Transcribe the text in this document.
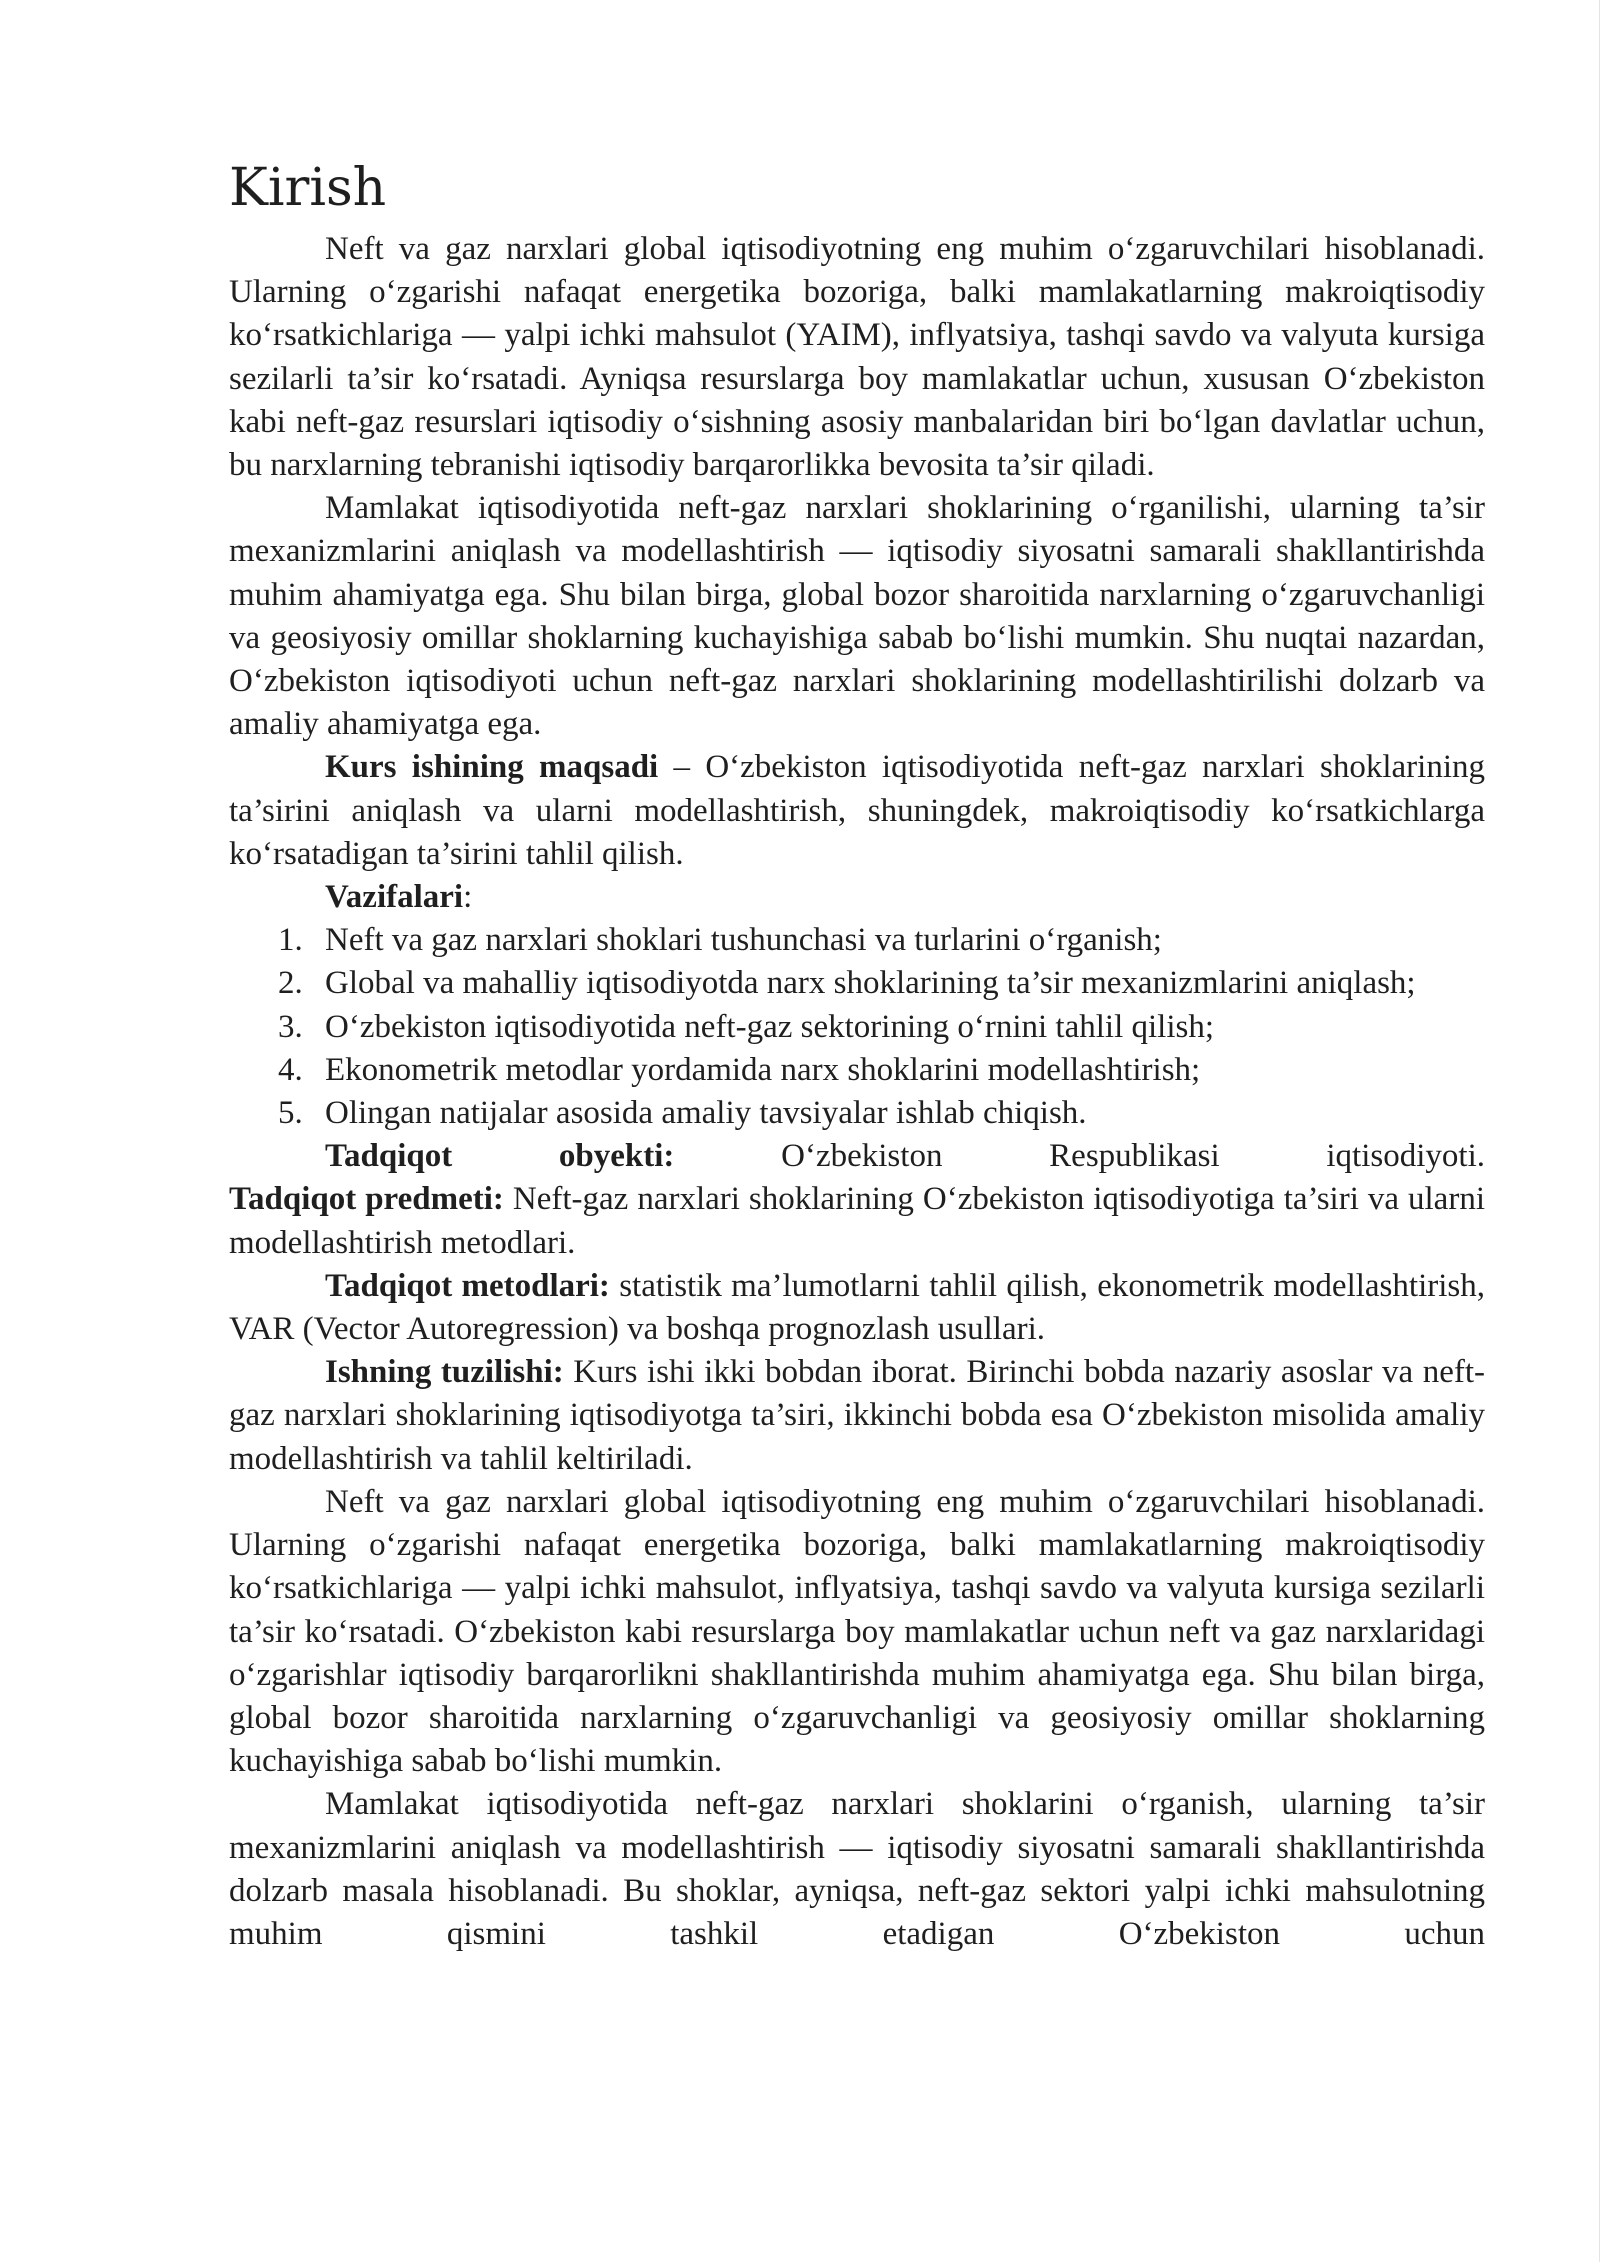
Kirish

Neft va gaz narxlari global iqtisodiyotning eng muhim o‘zgaruvchilari hisoblanadi. Ularning o‘zgarishi nafaqat energetika bozoriga, balki mamlakatlarning makroiqtisodiy ko‘rsatkichlariga — yalpi ichki mahsulot (YAIM), inflyatsiya, tashqi savdo va valyuta kursiga sezilarli ta’sir ko‘rsatadi. Ayniqsa resurslarga boy mamlakatlar uchun, xususan O‘zbekiston kabi neft-gaz resurslari iqtisodiy o‘sishning asosiy manbalaridan biri bo‘lgan davlatlar uchun, bu narxlarning tebranishi iqtisodiy barqarorlikka bevosita ta’sir qiladi.

Mamlakat iqtisodiyotida neft-gaz narxlari shoklarining o‘rganilishi, ularning ta’sir mexanizmlarini aniqlash va modellashtirish — iqtisodiy siyosatni samarali shakllantirishda muhim ahamiyatga ega. Shu bilan birga, global bozor sharoitida narxlarning o‘zgaruvchanligi va geosiyosiy omillar shoklarning kuchayishiga sabab bo‘lishi mumkin. Shu nuqtai nazardan, O‘zbekiston iqtisodiyoti uchun neft-gaz narxlari shoklarining modellashtirilishi dolzarb va amaliy ahamiyatga ega.

Kurs ishining maqsadi – O‘zbekiston iqtisodiyotida neft-gaz narxlari shoklarining ta’sirini aniqlash va ularni modellashtirish, shuningdek, makroiqtisodiy ko‘rsatkichlarga ko‘rsatadigan ta’sirini tahlil qilish.

Vazifalari:

1. Neft va gaz narxlari shoklari tushunchasi va turlarini o‘rganish;
2. Global va mahalliy iqtisodiyotda narx shoklarining ta’sir mexanizmlarini aniqlash;
3. O‘zbekiston iqtisodiyotida neft-gaz sektorining o‘rnini tahlil qilish;
4. Ekonometrik metodlar yordamida narx shoklarini modellashtirish;
5. Olingan natijalar asosida amaliy tavsiyalar ishlab chiqish.

Tadqiqot obyekti: O‘zbekiston Respublikasi iqtisodiyoti.

Tadqiqot predmeti: Neft-gaz narxlari shoklarining O‘zbekiston iqtisodiyotiga ta’siri va ularni modellashtirish metodlari.

Tadqiqot metodlari: statistik ma’lumotlarni tahlil qilish, ekonometrik modellashtirish, VAR (Vector Autoregression) va boshqa prognozlash usullari.

Ishning tuzilishi: Kurs ishi ikki bobdan iborat. Birinchi bobda nazariy asoslar va neft-gaz narxlari shoklarining iqtisodiyotga ta’siri, ikkinchi bobda esa O‘zbekiston misolida amaliy modellashtirish va tahlil keltiriladi.

Neft va gaz narxlari global iqtisodiyotning eng muhim o‘zgaruvchilari hisoblanadi. Ularning o‘zgarishi nafaqat energetika bozoriga, balki mamlakatlarning makroiqtisodiy ko‘rsatkichlariga — yalpi ichki mahsulot, inflyatsiya, tashqi savdo va valyuta kursiga sezilarli ta’sir ko‘rsatadi. O‘zbekiston kabi resurslarga boy mamlakatlar uchun neft va gaz narxlaridagi o‘zgarishlar iqtisodiy barqarorlikni shakllantirishda muhim ahamiyatga ega. Shu bilan birga, global bozor sharoitida narxlarning o‘zgaruvchanligi va geosiyosiy omillar shoklarning kuchayishiga sabab bo‘lishi mumkin.

Mamlakat iqtisodiyotida neft-gaz narxlari shoklarini o‘rganish, ularning ta’sir mexanizmlarini aniqlash va modellashtirish — iqtisodiy siyosatni samarali shakllantirishda dolzarb masala hisoblanadi. Bu shoklar, ayniqsa, neft-gaz sektori yalpi ichki mahsulotning muhim qismini tashkil etadigan O‘zbekiston uchun
